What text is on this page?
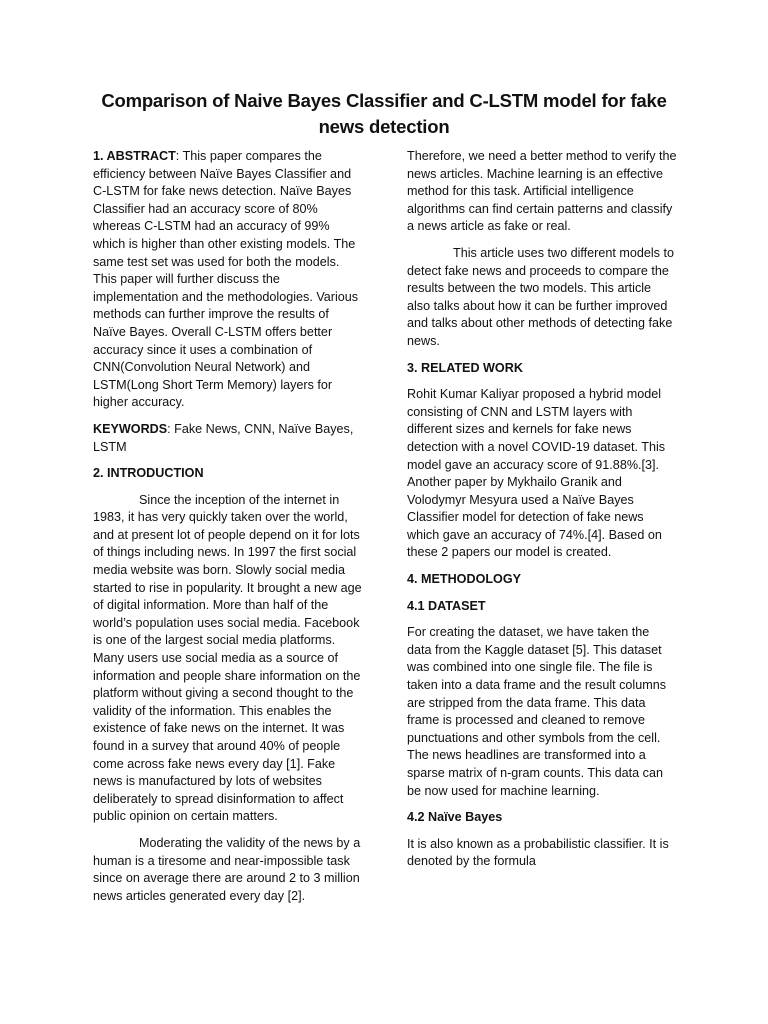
Comparison of Naive Bayes Classifier and C-LSTM model for fake news detection

1. ABSTRACT: This paper compares the efficiency between Naïve Bayes Classifier and C-LSTM for fake news detection. Naïve Bayes Classifier had an accuracy score of 80% whereas C-LSTM had an accuracy of 99% which is higher than other existing models. The same test set was used for both the models. This paper will further discuss the implementation and the methodologies. Various methods can further improve the results of Naïve Bayes. Overall C-LSTM offers better accuracy since it uses a combination of CNN(Convolution Neural Network) and LSTM(Long Short Term Memory) layers for higher accuracy.

KEYWORDS: Fake News, CNN, Naïve Bayes, LSTM

2. INTRODUCTION

Since the inception of the internet in 1983, it has very quickly taken over the world, and at present lot of people depend on it for lots of things including news. In 1997 the first social media website was born. Slowly social media started to rise in popularity. It brought a new age of digital information. More than half of the world’s population uses social media. Facebook is one of the largest social media platforms. Many users use social media as a source of information and people share information on the platform without giving a second thought to the validity of the information. This enables the existence of fake news on the internet. It was found in a survey that around 40% of people come across fake news every day [1]. Fake news is manufactured by lots of websites deliberately to spread disinformation to affect public opinion on certain matters.

Moderating the validity of the news by a human is a tiresome and near-impossible task since on average there are around 2 to 3 million news articles generated every day [2].

Therefore, we need a better method to verify the news articles. Machine learning is an effective method for this task. Artificial intelligence algorithms can find certain patterns and classify a news article as fake or real.

This article uses two different models to detect fake news and proceeds to compare the results between the two models. This article also talks about how it can be further improved and talks about other methods of detecting fake news.

3. RELATED WORK

Rohit Kumar Kaliyar proposed a hybrid model consisting of CNN and LSTM layers with different sizes and kernels for fake news detection with a novel COVID-19 dataset. This model gave an accuracy score of 91.88%.[3]. Another paper by Mykhailo Granik and Volodymyr Mesyura used a Naïve Bayes Classifier model for detection of fake news which gave an accuracy of 74%.[4]. Based on these 2 papers our model is created.

4. METHODOLOGY
4.1 DATASET

For creating the dataset, we have taken the data from the Kaggle dataset [5]. This dataset was combined into one single file. The file is taken into a data frame and the result columns are stripped from the data frame. This data frame is processed and cleaned to remove punctuations and other symbols from the cell. The news headlines are transformed into a sparse matrix of n-gram counts. This data can be now used for machine learning.

4.2 Naïve Bayes

It is also known as a probabilistic classifier. It is denoted by the formula
